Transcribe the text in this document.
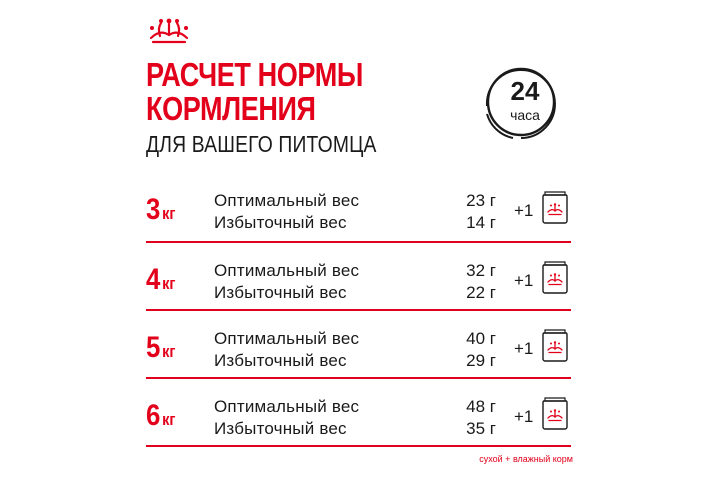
РАСЧЕТ НОРМЫ
КОРМЛЕНИЯ

ДЛЯ ВАШЕГО ПИТОМЦА

24
часа
3 кг
Оптимальный вес
Избыточный вес
23 г
14 г
+1
4 кг
Оптимальный вес
Избыточный вес
32 г
22 г
+1
5 кг
Оптимальный вес
Избыточный вес
40 г
29 г
+1
6 кг
Оптимальный вес
Избыточный вес
48 г
35 г
+1
сухой + влажный корм
